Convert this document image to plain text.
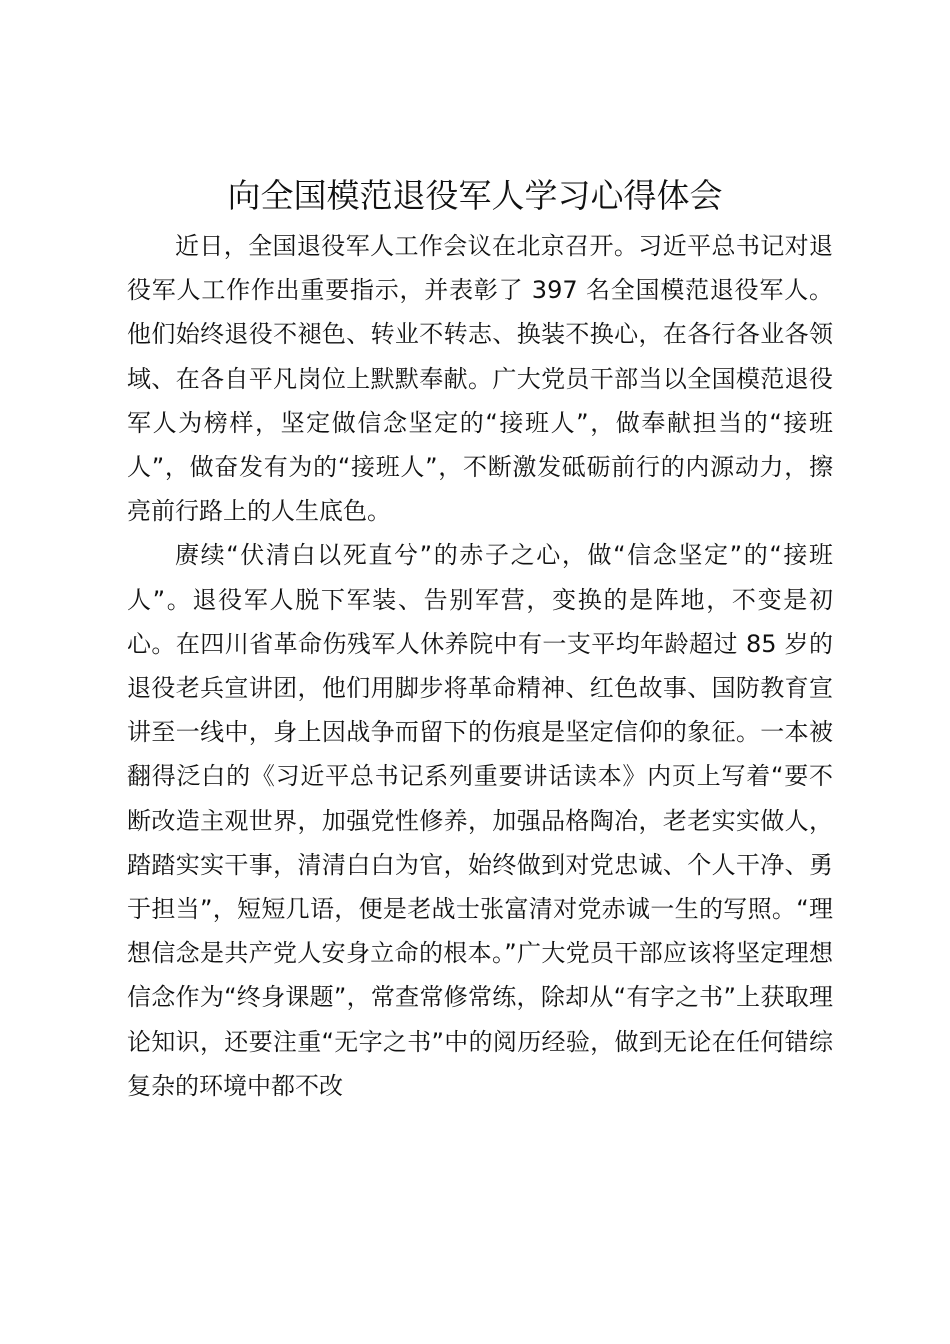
向全国模范退役军人学习心得体会

近日，全国退役军人工作会议在北京召开。习近平总书记对退役军人工作作出重要指示，并表彰了 397 名全国模范退役军人。他们始终退役不褪色、转业不转志、换装不换心，在各行各业各领域、在各自平凡岗位上默默奉献。广大党员干部当以全国模范退役军人为榜样，坚定做信念坚定的“接班人”，做奉献担当的“接班人”，做奋发有为的“接班人”，不断激发砥砺前行的内源动力，擦亮前行路上的人生底色。

赓续“伏清白以死直兮”的赤子之心，做“信念坚定”的“接班人”。退役军人脱下军装、告别军营，变换的是阵地，不变是初心。在四川省革命伤残军人休养院中有一支平均年龄超过 85 岁的退役老兵宣讲团，他们用脚步将革命精神、红色故事、国防教育宣讲至一线中，身上因战争而留下的伤痕是坚定信仰的象征。一本被翻得泛白的《习近平总书记系列重要讲话读本》内页上写着“要不断改造主观世界，加强党性修养，加强品格陶冶，老老实实做人，踏踏实实干事，清清白白为官，始终做到对党忠诚、个人干净、勇于担当”，短短几语，便是老战士张富清对党赤诚一生的写照。“理想信念是共产党人安身立命的根本。”广大党员干部应该将坚定理想信念作为“终身课题”，常查常修常练，除却从“有字之书”上获取理论知识，还要注重“无字之书”中的阅历经验，做到无论在任何错综复杂的环境中都不改
